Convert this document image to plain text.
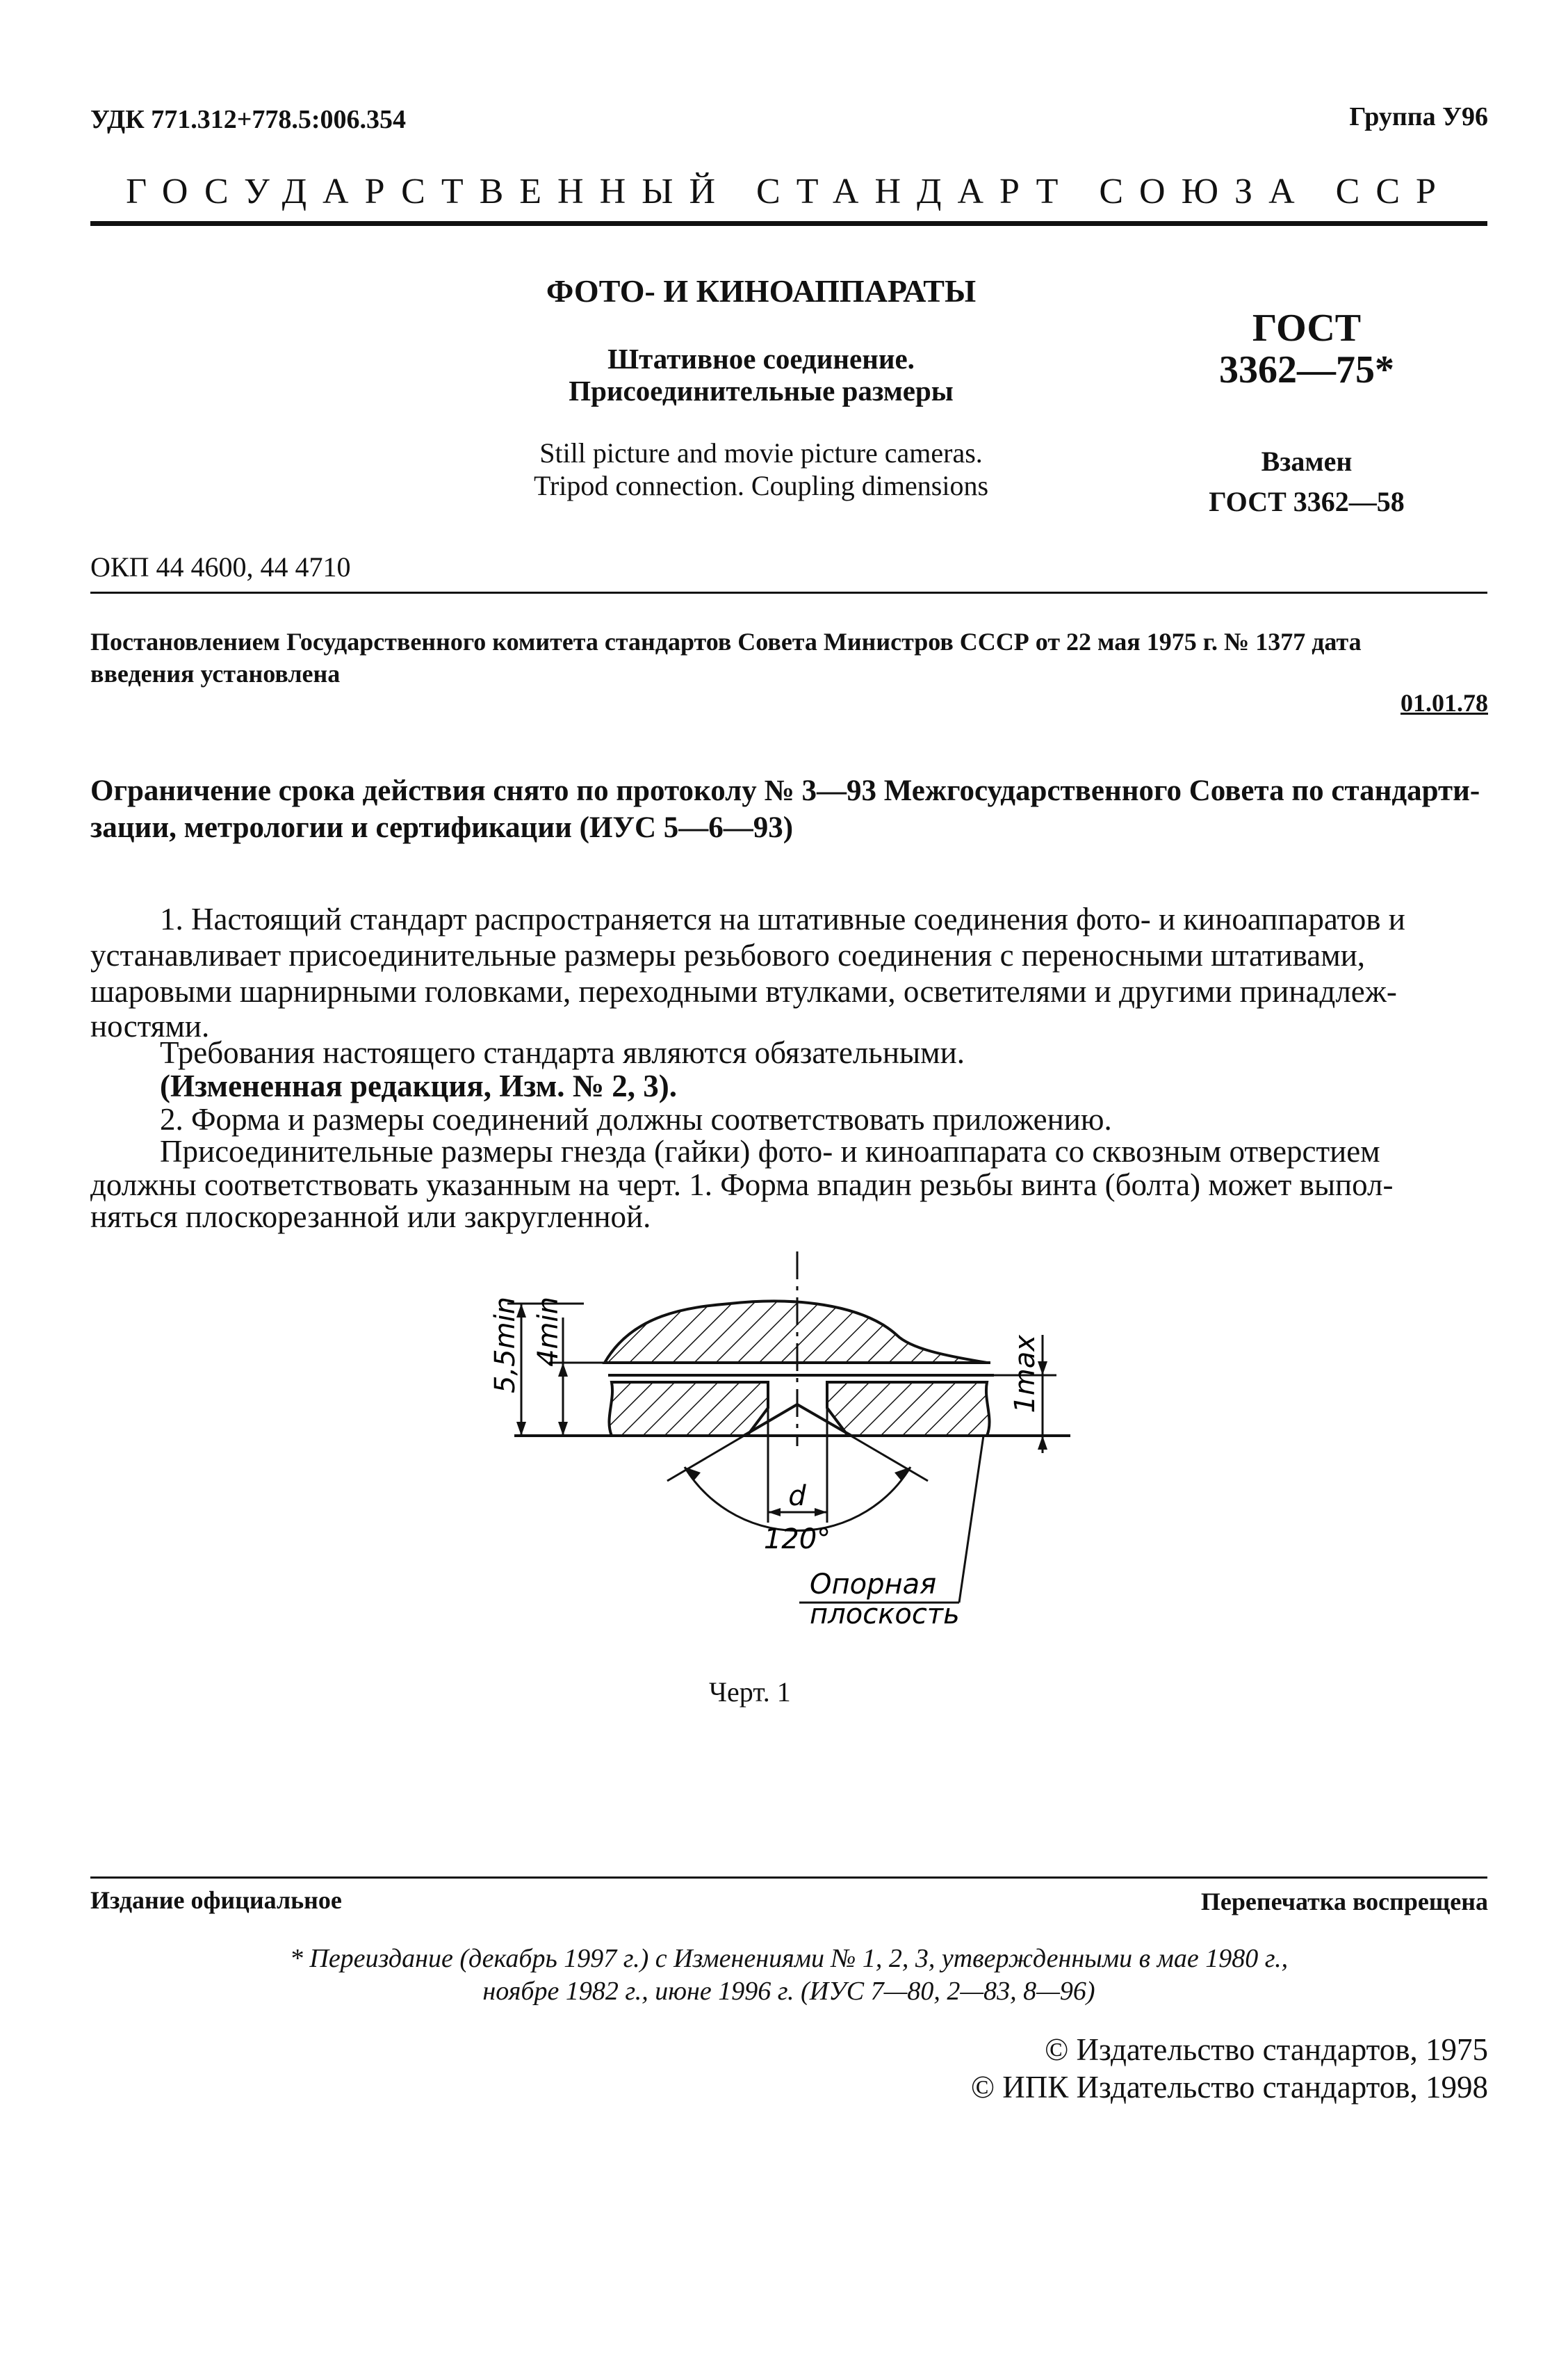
УДК 771.312+778.5:006.354	Группа У96
ГОСУДАРСТВЕННЫЙ СТАНДАРТ СОЮЗА ССР
ФОТО- И КИНОАППАРАТЫ
Штативное соединение.
Присоединительные размеры
Still picture and movie picture cameras.
Tripod connection. Coupling dimensions
ГОСТ
3362—75*
Взамен
ГОСТ 3362—58
ОКП 44 4600, 44 4710
Постановлением Государственного комитета стандартов Совета Министров СССР от 22 мая 1975 г. № 1377 дата
введения установлена
01.01.78
Ограничение срока действия снято по протоколу № 3—93 Межгосударственного Совета по стандарти-
зации, метрологии и сертификации (ИУС 5—6—93)
1. Настоящий стандарт распространяется на штативные соединения фото- и киноаппаратов и
устанавливает присоединительные размеры резьбового соединения с переносными штативами,
шаровыми шарнирными головками, переходными втулками, осветителями и другими принадлеж-
ностями.
Требования настоящего стандарта являются обязательными.
(Измененная редакция, Изм. № 2, 3).
2. Форма и размеры соединений должны соответствовать приложению.
Присоединительные размеры гнезда (гайки) фото- и киноаппарата со сквозным отверстием
должны соответствовать указанным на черт. 1. Форма впадин резьбы винта (болта) может выпол-
няться плоскорезанной или закругленной.
5,5min 4min
1max
d
120°
Опорная
плоскость
Черт. 1
Издание официальное	Перепечатка воспрещена
* Переиздание (декабрь 1997 г.) с Изменениями № 1, 2, 3, утвержденными в мае 1980 г.,
ноябре 1982 г., июне 1996 г. (ИУС 7—80, 2—83, 8—96)
© Издательство стандартов, 1975
© ИПК Издательство стандартов, 1998
